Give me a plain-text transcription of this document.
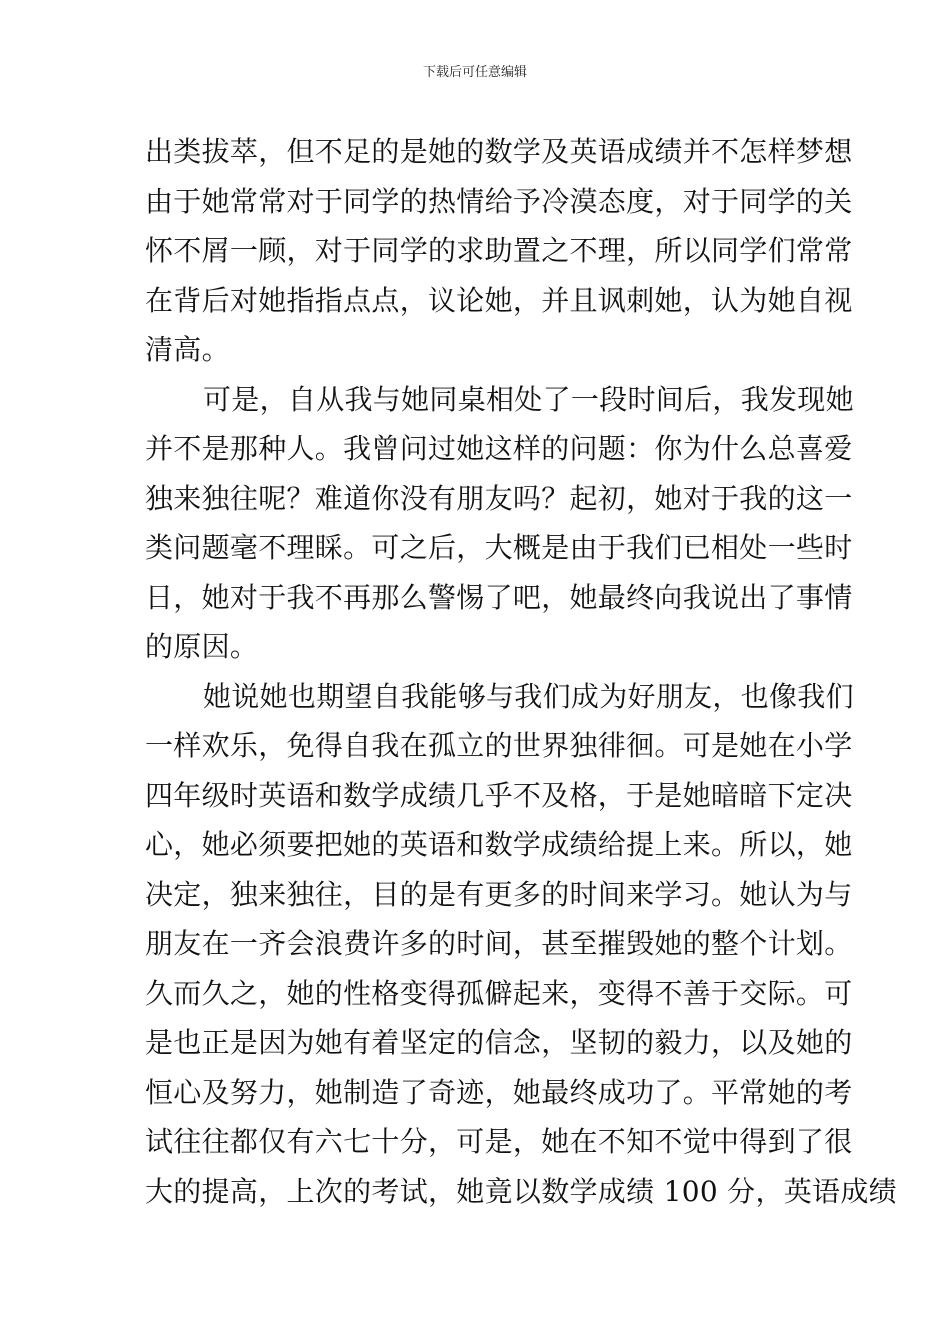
下载后可任意编辑
出类拔萃，但不足的是她的数学及英语成绩并不怎样梦想
由于她常常对于同学的热情给予冷漠态度，对于同学的关
怀不屑一顾，对于同学的求助置之不理，所以同学们常常
在背后对她指指点点，议论她，并且讽刺她，认为她自视
清高。
可是，自从我与她同桌相处了一段时间后，我发现她
并不是那种人。我曾问过她这样的问题：你为什么总喜爱
独来独往呢？难道你没有朋友吗？起初，她对于我的这一
类问题毫不理睬。可之后，大概是由于我们已相处一些时
日，她对于我不再那么警惕了吧，她最终向我说出了事情
的原因。
她说她也期望自我能够与我们成为好朋友，也像我们
一样欢乐，免得自我在孤立的世界独徘徊。可是她在小学
四年级时英语和数学成绩几乎不及格，于是她暗暗下定决
心，她必须要把她的英语和数学成绩给提上来。所以，她
决定，独来独往，目的是有更多的时间来学习。她认为与
朋友在一齐会浪费许多的时间，甚至摧毁她的整个计划。
久而久之，她的性格变得孤僻起来，变得不善于交际。可
是也正是因为她有着坚定的信念，坚韧的毅力，以及她的
恒心及努力，她制造了奇迹，她最终成功了。平常她的考
试往往都仅有六七十分，可是，她在不知不觉中得到了很
大的提高，上次的考试，她竟以数学成绩 100 分，英语成绩
